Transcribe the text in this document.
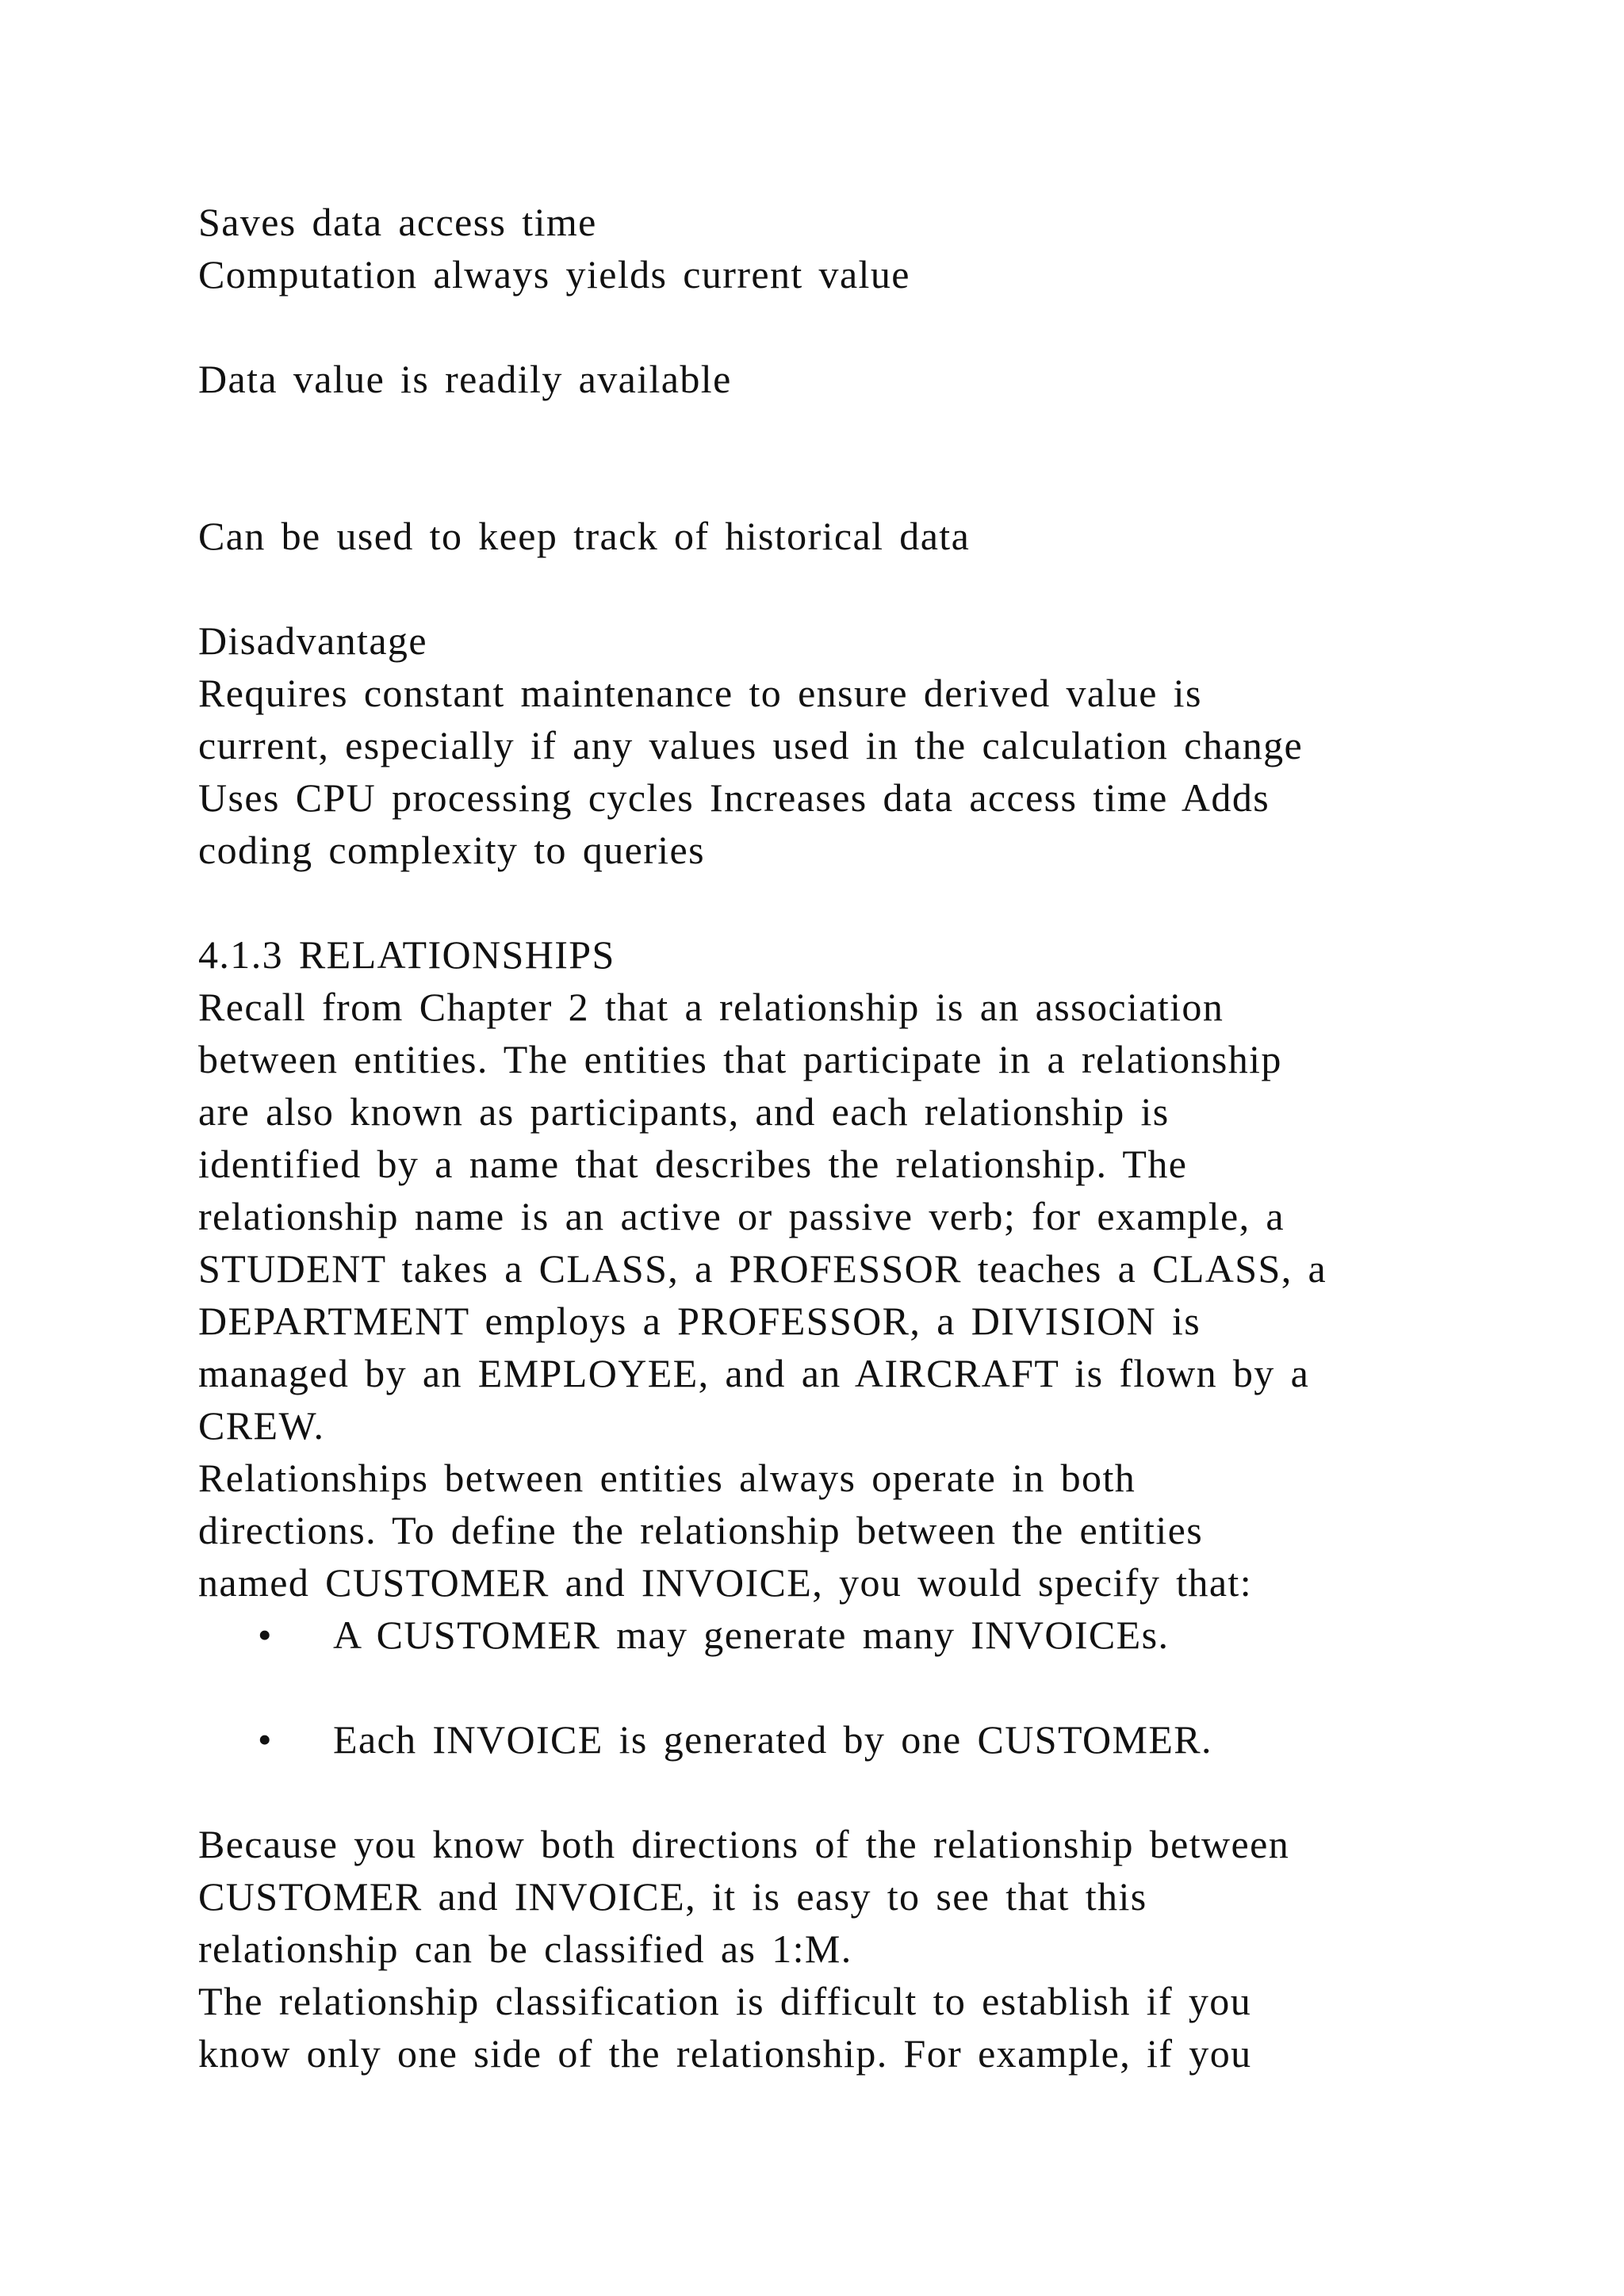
Saves data access time

Computation always yields current value

Data value is readily available

Can be used to keep track of historical data

Disadvantage

Requires constant maintenance to ensure derived value is

current, especially if any values used in the calculation change

Uses CPU processing cycles Increases data access time Adds

coding complexity to queries

4.1.3 RELATIONSHIPS

Recall from Chapter 2 that a relationship is an association

between entities. The entities that participate in a relationship

are also known as participants, and each relationship is

identified by a name that describes the relationship. The

relationship name is an active or passive verb; for example, a

STUDENT takes a CLASS, a PROFESSOR teaches a CLASS, a

DEPARTMENT employs a PROFESSOR, a DIVISION is

managed by an EMPLOYEE, and an AIRCRAFT is flown by a

CREW.

Relationships between entities always operate in both

directions. To define the relationship between the entities

named CUSTOMER and INVOICE, you would specify that:

• A CUSTOMER may generate many INVOICEs.

• Each INVOICE is generated by one CUSTOMER.

Because you know both directions of the relationship between

CUSTOMER and INVOICE, it is easy to see that this

relationship can be classified as 1:M.

The relationship classification is difficult to establish if you

know only one side of the relationship. For example, if you
